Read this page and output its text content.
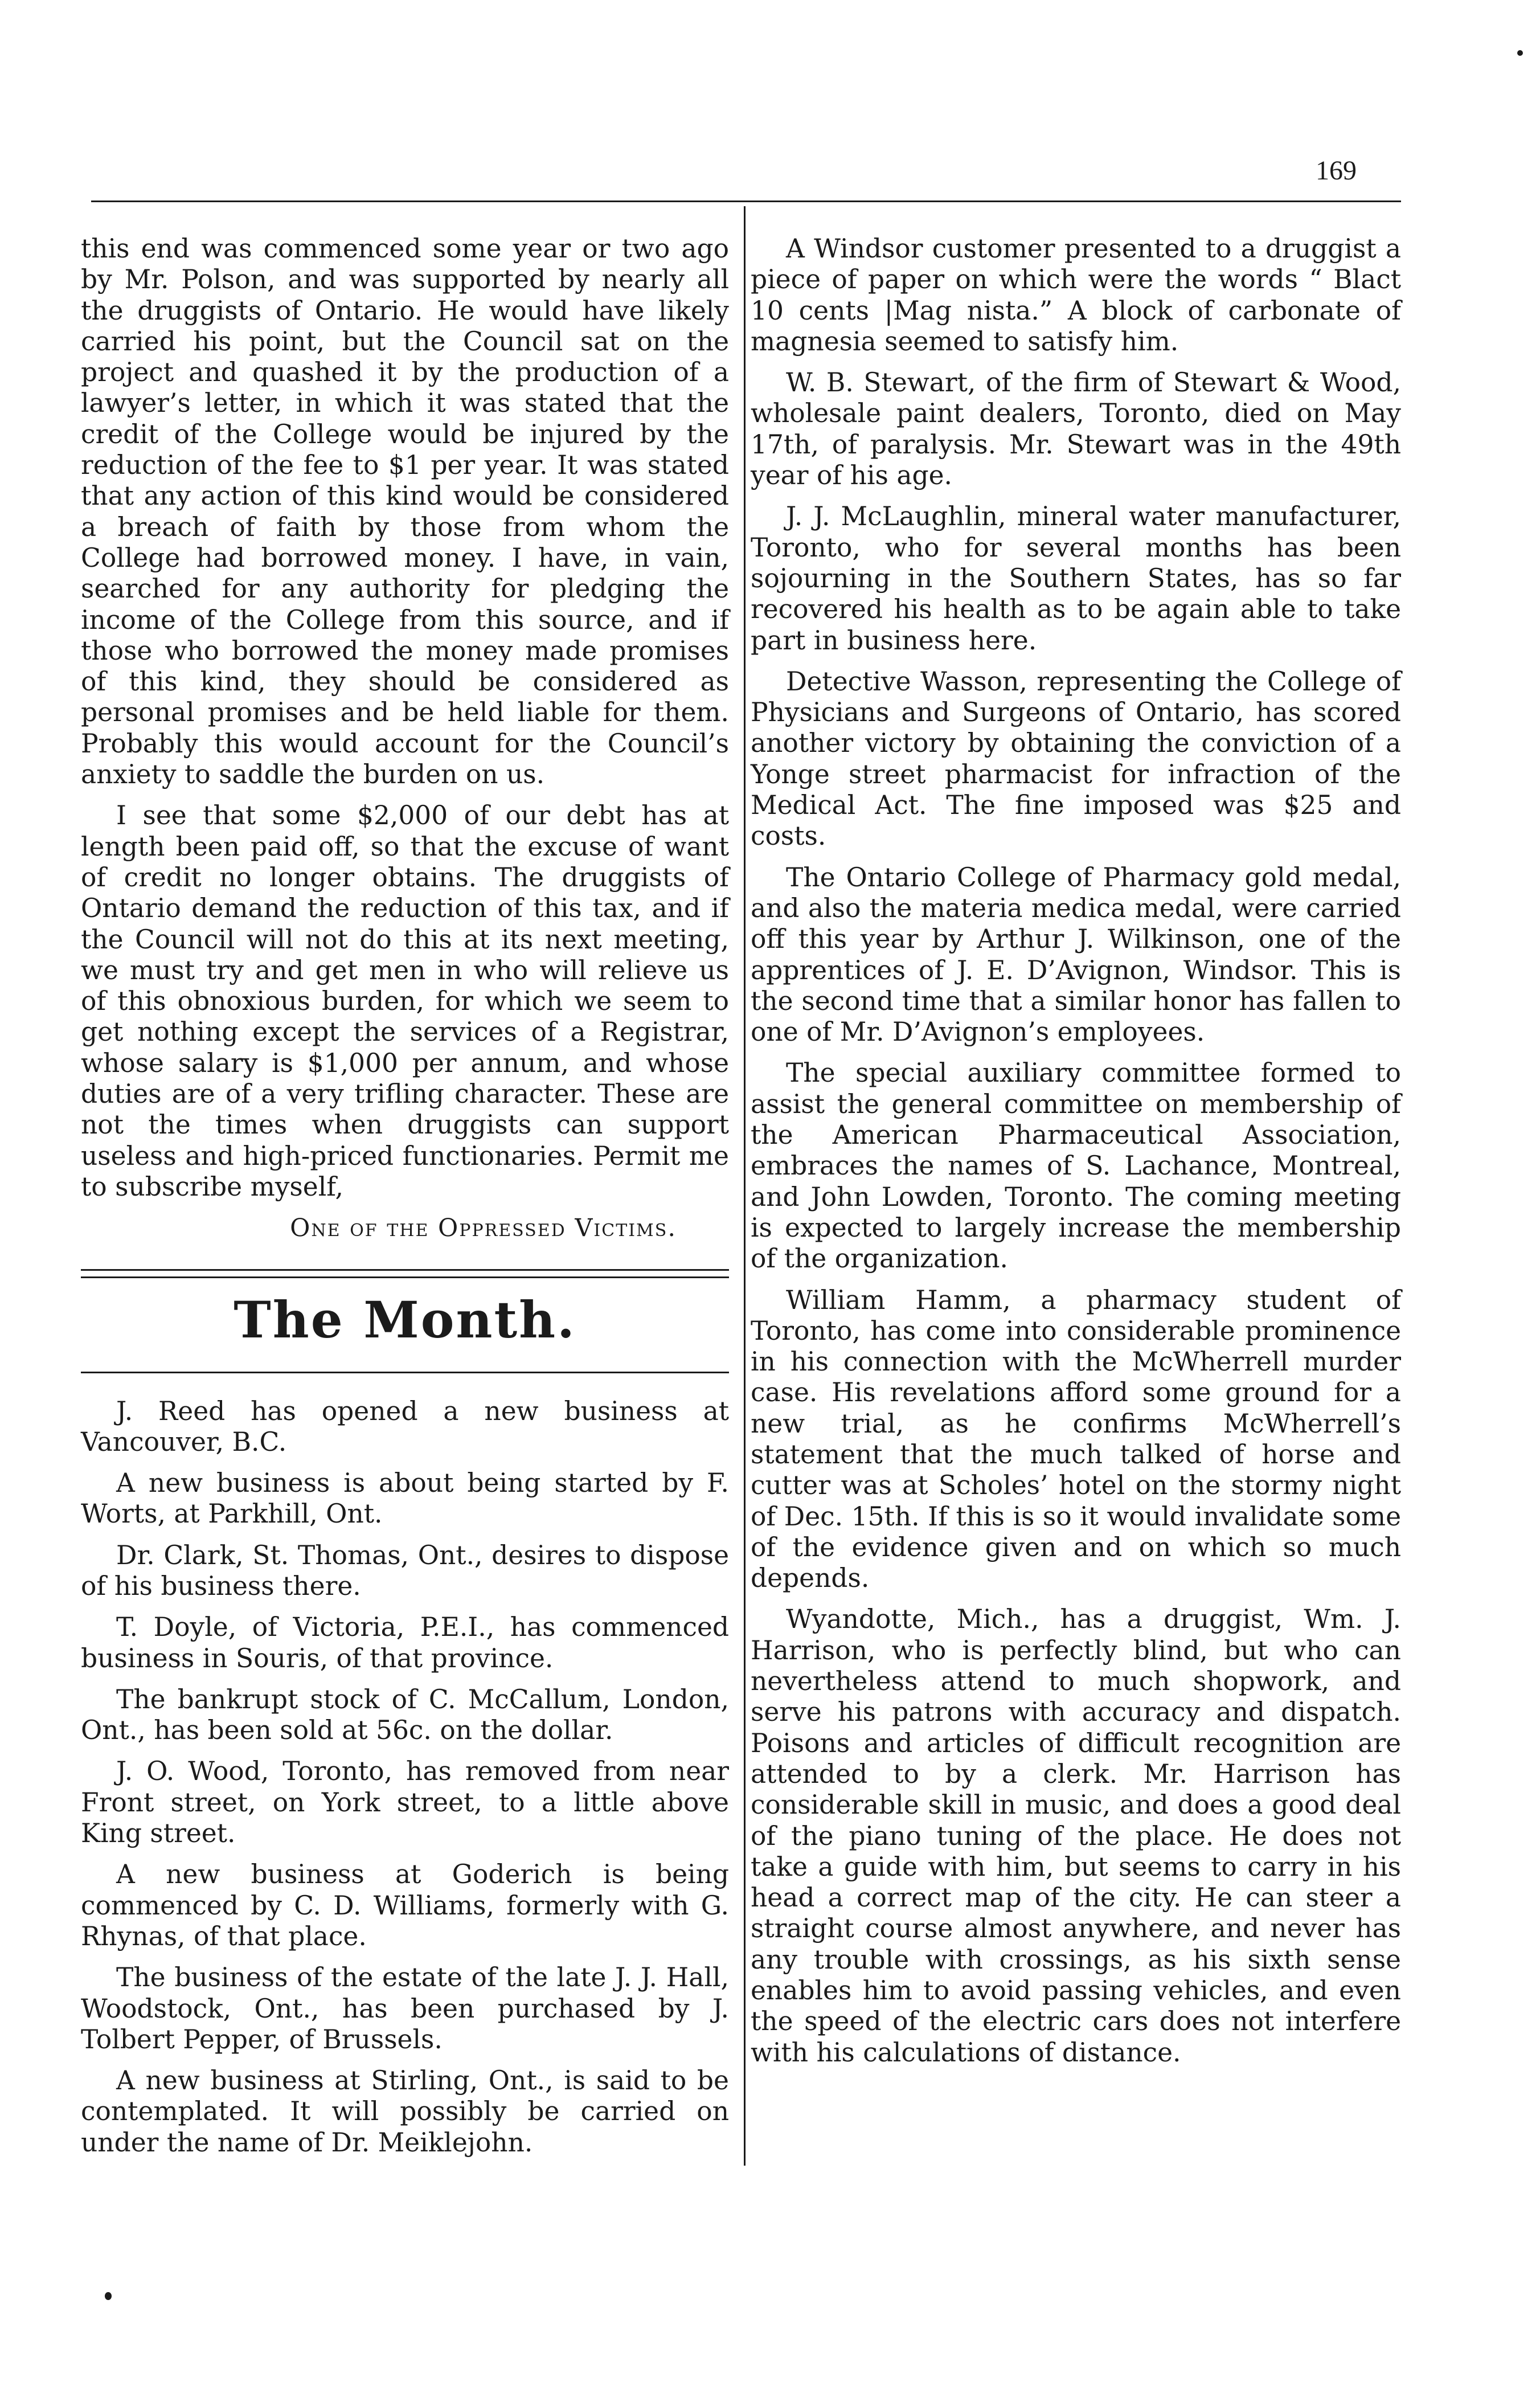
169

this end was commenced some year or two ago by Mr. Polson, and was supported by nearly all the druggists of Ontario. He would have likely carried his point, but the Council sat on the project and quashed it by the production of a lawyer’s letter, in which it was stated that the credit of the College would be injured by the reduction of the fee to $1 per year. It was stated that any action of this kind would be considered a breach of faith by those from whom the College had borrowed money. I have, in vain, searched for any authority for pledging the income of the College from this source, and if those who borrowed the money made promises of this kind, they should be considered as personal promises and be held liable for them. Probably this would account for the Council’s anxiety to saddle the burden on us.

I see that some $2,000 of our debt has at length been paid off, so that the excuse of want of credit no longer obtains. The druggists of Ontario demand the reduction of this tax, and if the Council will not do this at its next meeting, we must try and get men in who will relieve us of this obnoxious burden, for which we seem to get nothing except the services of a Registrar, whose salary is $1,000 per annum, and whose duties are of a very trifling character. These are not the times when druggists can support useless and high-priced functionaries. Permit me to subscribe myself,

One of the Oppressed Victims.
The Month.

J. Reed has opened a new business at Vancouver, B.C.

A new business is about being started by F. Worts, at Parkhill, Ont.

Dr. Clark, St. Thomas, Ont., desires to dispose of his business there.

T. Doyle, of Victoria, P.E.I., has commenced business in Souris, of that province.

The bankrupt stock of C. McCallum, London, Ont., has been sold at 56c. on the dollar.

J. O. Wood, Toronto, has removed from near Front street, on York street, to a little above King street.

A new business at Goderich is being commenced by C. D. Williams, formerly with G. Rhynas, of that place.

The business of the estate of the late J. J. Hall, Woodstock, Ont., has been purchased by J. Tolbert Pepper, of Brussels.

A new business at Stirling, Ont., is said to be contemplated. It will possibly be carried on under the name of Dr. Meiklejohn.

A Windsor customer presented to a druggist a piece of paper on which were the words “ Blact 10 cents |Mag nista.” A block of carbonate of magnesia seemed to satisfy him.

W. B. Stewart, of the firm of Stewart & Wood, wholesale paint dealers, Toronto, died on May 17th, of paralysis. Mr. Stewart was in the 49th year of his age.

J. J. McLaughlin, mineral water manufacturer, Toronto, who for several months has been sojourning in the Southern States, has so far recovered his health as to be again able to take part in business here.

Detective Wasson, representing the College of Physicians and Surgeons of Ontario, has scored another victory by obtaining the conviction of a Yonge street pharmacist for infraction of the Medical Act. The fine imposed was $25 and costs.

The Ontario College of Pharmacy gold medal, and also the materia medica medal, were carried off this year by Arthur J. Wilkinson, one of the apprentices of J. E. D’Avignon, Windsor. This is the second time that a similar honor has fallen to one of Mr. D’Avignon’s employees.

The special auxiliary committee formed to assist the general committee on membership of the American Pharmaceutical Association, embraces the names of S. Lachance, Montreal, and John Lowden, Toronto. The coming meeting is expected to largely increase the membership of the organization.

William Hamm, a pharmacy student of Toronto, has come into considerable prominence in his connection with the McWherrell murder case. His revelations afford some ground for a new trial, as he confirms McWherrell’s statement that the much talked of horse and cutter was at Scholes’ hotel on the stormy night of Dec. 15th. If this is so it would invalidate some of the evidence given and on which so much depends.

Wyandotte, Mich., has a druggist, Wm. J. Harrison, who is perfectly blind, but who can nevertheless attend to much shopwork, and serve his patrons with accuracy and dispatch. Poisons and articles of difficult recognition are attended to by a clerk. Mr. Harrison has considerable skill in music, and does a good deal of the piano tuning of the place. He does not take a guide with him, but seems to carry in his head a correct map of the city. He can steer a straight course almost anywhere, and never has any trouble with crossings, as his sixth sense enables him to avoid passing vehicles, and even the speed of the electric cars does not interfere with his calculations of distance.
